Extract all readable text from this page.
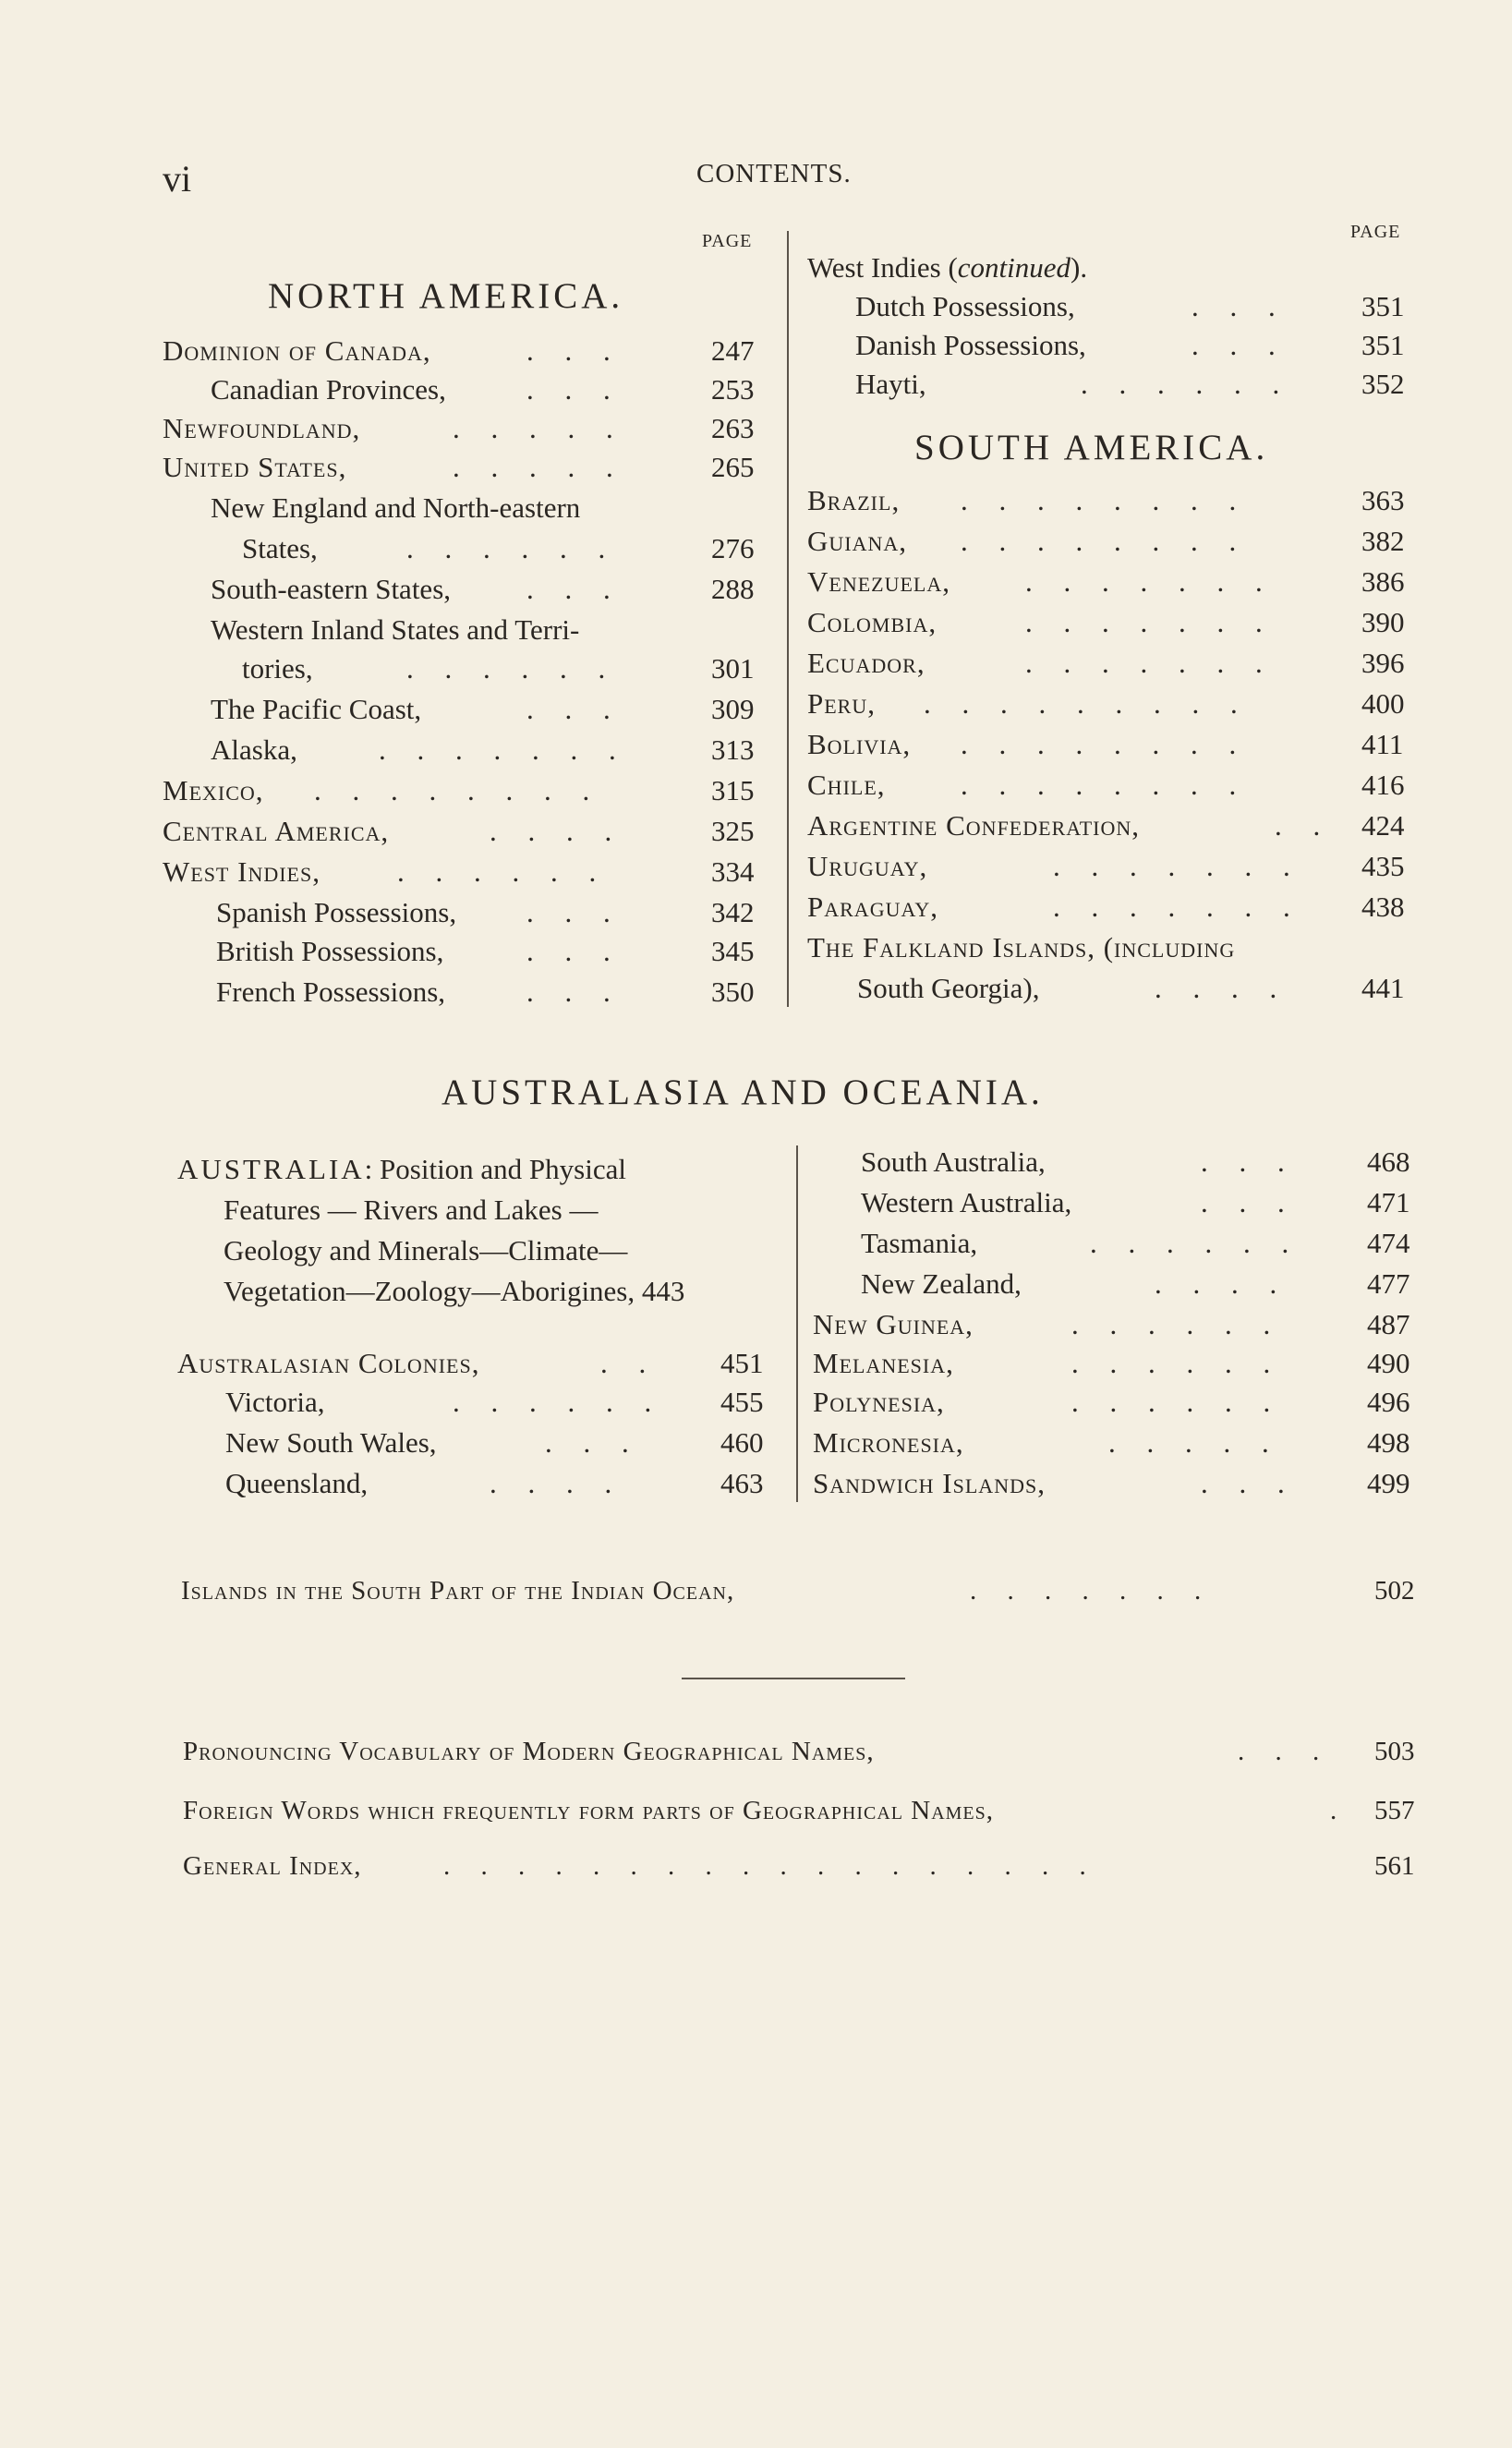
vi	CONTENTS.
PAGE
NORTH AMERICA.
Dominion of Canada,	. . .	247
Canadian Provinces,	. . .	253
Newfoundland,	. . . . .	263
United States,	. . . . .	265
New England and North-eastern
States,	. . . . . .	276
South-eastern States,	. . .	288
Western Inland States and Terri-
tories,	. . . . . .	301
The Pacific Coast,	. . .	309
Alaska,	. . . . . . .	313
Mexico, . . . . . . . .	315
Central America,	. . . .	325
West Indies,	. . . . . .	334
Spanish Possessions, . . .	342
British Possessions,	. . .	345
French Possessions,	. . .	350
PAGE
West Indies (continued).
Dutch Possessions,	. . .	351
Danish Possessions,	. . .	351
Hayti,	. . . . . . 352
SOUTH AMERICA.
Brazil, . . . . . . . .	363
Guiana, . . . . . . . .	382
Venezuela,	. . . . . . .	386
Colombia,	. . . . . . .	390
Ecuador,	. . . . . . .	396
Peru, . . . . . . . . .	400
Bolivia, . . . . . . . .	411
Chile,	. . . . . . . .	416
Argentine Confederation,	. . 424
Uruguay,	. . . . . . . 435
Paraguay,	. . . . . . . 438
The Falkland Islands, (including
South Georgia),	. . . .	441
AUSTRALASIA AND OCEANIA.
AUSTRALIA: Position and Physical
Features — Rivers and Lakes —
Geology and Minerals—Climate—
Vegetation—Zoology—Aborigines, 443
Australasian Colonies,	. . 451
Victoria,	. . . . . . 455
New South Wales,	. . .	460
Queensland,	. . . .	463
South Australia,	. . . 468
Western Australia,	. . . 471
Tasmania,	. . . . . . 474
New Zealand,	. . . .	477
New Guinea,	. . . . . .	487
Melanesia,	. . . . . .	490
Polynesia,	. . . . . .	496
Micronesia,	. . . . .	498
Sandwich Islands,	. . . 499
Islands in the South Part of the Indian Ocean,	. . . . . . .	502
Pronouncing Vocabulary of Modern Geographical Names,	. . . 503
Foreign Words which frequently form parts of Geographical Names,	. 557
General Index,	. . . . . . . . . . . . . . . . . .	561
